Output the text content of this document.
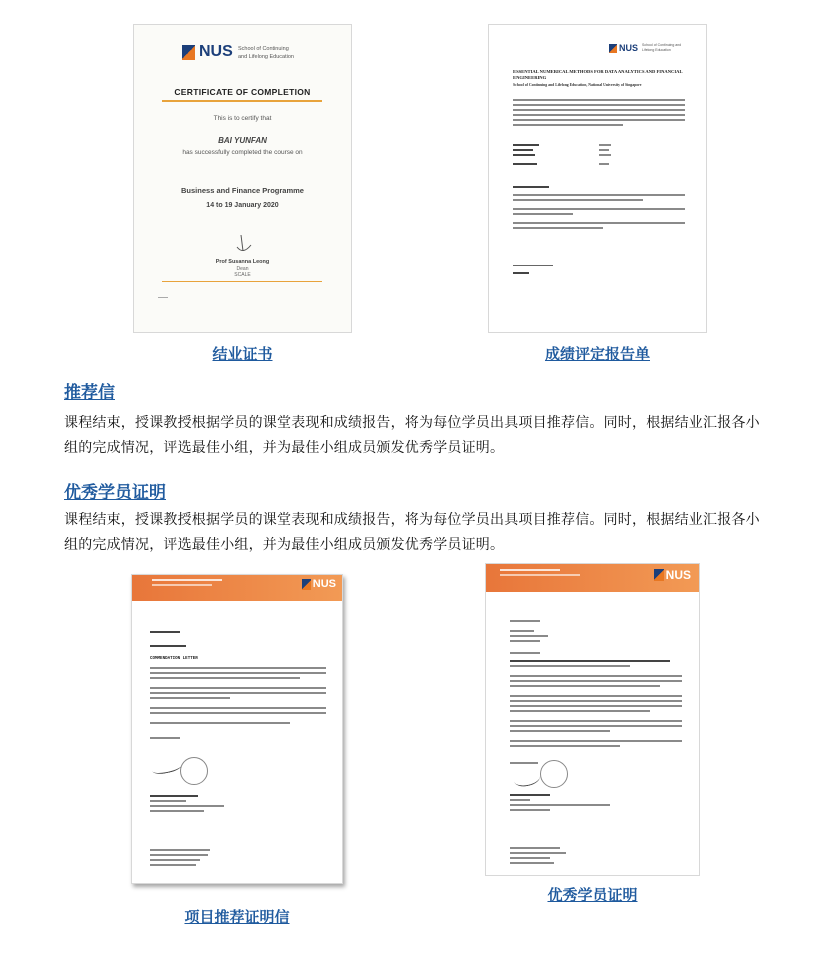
NUS School of Continuing
and Lifelong Education
CERTIFICATE OF COMPLETION
This is to certify that
BAI YUNFAN
has successfully completed the course on
Business and Finance Programme
14 to 19 January 2020
Prof Susanna Leong
Dean
SCALE
结业证书
NUS School of Continuing and Lifelong Education
ESSENTIAL NUMERICAL METHODS FOR DATA ANALYTICS AND FINANCIAL ENGINEERING
School of Continuing and Lifelong Education, National University of Singapore
成绩评定报告单
推荐信
课程结束，授课教授根据学员的课堂表现和成绩报告，将为每位学员出具项目推荐信。同时，根据结业汇报各小组的完成情况，评选最佳小组，并为最佳小组成员颁发优秀学员证明。
优秀学员证明
课程结束，授课教授根据学员的课堂表现和成绩报告，将为每位学员出具项目推荐信。同时，根据结业汇报各小组的完成情况，评选最佳小组，并为最佳小组成员颁发优秀学员证明。
NUS
COMMENDATION LETTER
项目推荐证明信
NUS
优秀学员证明
